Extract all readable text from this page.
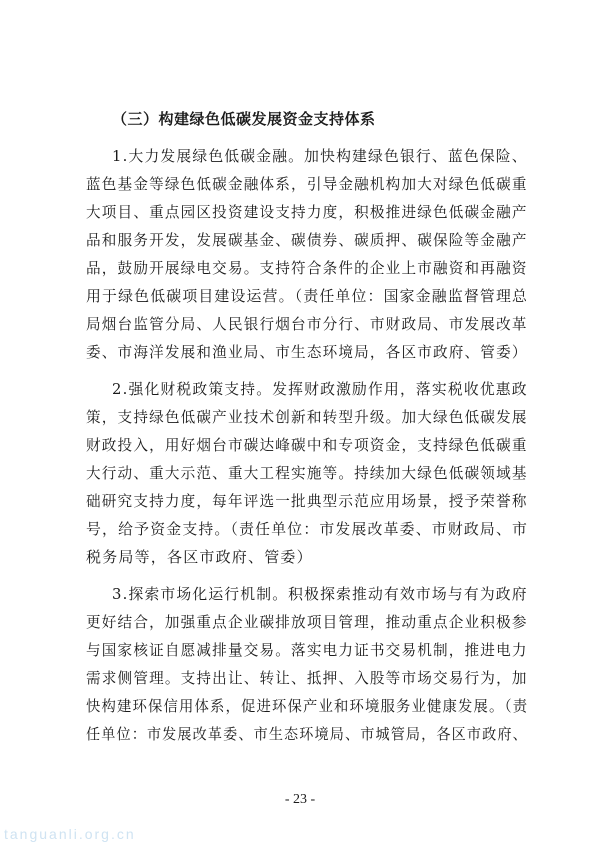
（三）构建绿色低碳发展资金支持体系
1.大力发展绿色低碳金融。加快构建绿色银行、蓝色保险、
蓝色基金等绿色低碳金融体系，引导金融机构加大对绿色低碳重
大项目、重点园区投资建设支持力度，积极推进绿色低碳金融产
品和服务开发，发展碳基金、碳债券、碳质押、碳保险等金融产
品，鼓励开展绿电交易。支持符合条件的企业上市融资和再融资
用于绿色低碳项目建设运营。（责任单位：国家金融监督管理总
局烟台监管分局、人民银行烟台市分行、市财政局、市发展改革
委、市海洋发展和渔业局、市生态环境局，各区市政府、管委）
2.强化财税政策支持。发挥财政激励作用，落实税收优惠政
策，支持绿色低碳产业技术创新和转型升级。加大绿色低碳发展
财政投入，用好烟台市碳达峰碳中和专项资金，支持绿色低碳重
大行动、重大示范、重大工程实施等。持续加大绿色低碳领域基
础研究支持力度，每年评选一批典型示范应用场景，授予荣誉称
号，给予资金支持。（责任单位：市发展改革委、市财政局、市
税务局等，各区市政府、管委）
3.探索市场化运行机制。积极探索推动有效市场与有为政府
更好结合，加强重点企业碳排放项目管理，推动重点企业积极参
与国家核证自愿减排量交易。落实电力证书交易机制，推进电力
需求侧管理。支持出让、转让、抵押、入股等市场交易行为，加
快构建环保信用体系，促进环保产业和环境服务业健康发展。（责
任单位：市发展改革委、市生态环境局、市城管局，各区市政府、
- 23 -
tanguanli.org.cn
